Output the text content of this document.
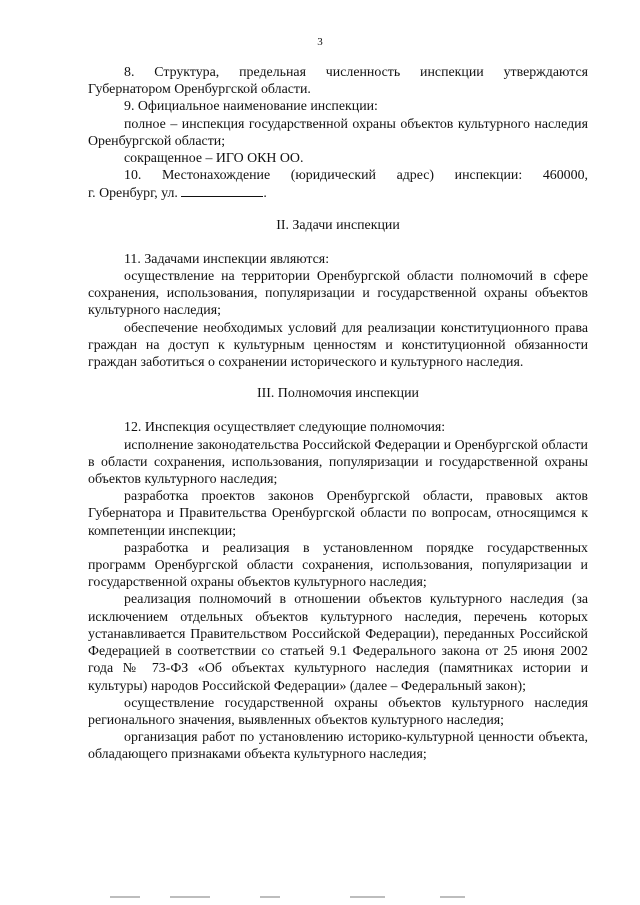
3

8. Структура, предельная численность инспекции утверждаются Губернатором Оренбургской области.

9. Официальное наименование инспекции:

полное – инспекция государственной охраны объектов культурного наследия Оренбургской области;

сокращенное – ИГО ОКН ОО.

10. Местонахождение (юридический адрес) инспекции: 460000,

г. Оренбург, ул.	.

II. Задачи инспекции

11. Задачами инспекции являются:

осуществление на территории Оренбургской области полномочий в сфере сохранения, использования, популяризации и государственной охраны объектов культурного наследия;

обеспечение необходимых условий для реализации конституционного права граждан на доступ к культурным ценностям и конституционной обязанности граждан заботиться о сохранении исторического и культурного наследия.

III. Полномочия инспекции

12. Инспекция осуществляет следующие полномочия:

исполнение законодательства Российской Федерации и Оренбургской области в области сохранения, использования, популяризации и государственной охраны объектов культурного наследия;

разработка проектов законов Оренбургской области, правовых актов Губернатора и Правительства Оренбургской области по вопросам, относящимся к компетенции инспекции;

разработка и реализация в установленном порядке государственных программ Оренбургской области сохранения, использования, популяризации и государственной охраны объектов культурного наследия;

реализация полномочий в отношении объектов культурного наследия (за исключением отдельных объектов культурного наследия, перечень которых устанавливается Правительством Российской Федерации), переданных Российской Федерацией в соответствии со статьей 9.1 Федерального закона от 25 июня 2002 года № 73-ФЗ «Об объектах культурного наследия (памятниках истории и культуры) народов Российской Федерации» (далее – Федеральный закон);

осуществление государственной охраны объектов культурного наследия регионального значения, выявленных объектов культурного наследия;

организация работ по установлению историко-культурной ценности объекта, обладающего признаками объекта культурного наследия;
